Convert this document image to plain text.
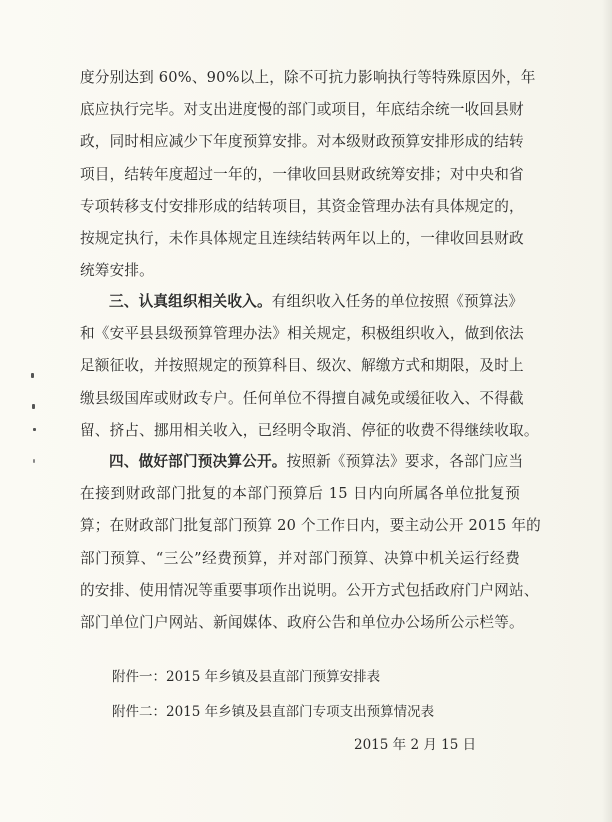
度分别达到 60%、90%以上，除不可抗力影响执行等特殊原因外，年
底应执行完毕。对支出进度慢的部门或项目，年底结余统一收回县财
政，同时相应减少下年度预算安排。对本级财政预算安排形成的结转
项目，结转年度超过一年的，一律收回县财政统筹安排；对中央和省
专项转移支付安排形成的结转项目，其资金管理办法有具体规定的，
按规定执行，未作具体规定且连续结转两年以上的，一律收回县财政
统筹安排。
三、认真组织相关收入。有组织收入任务的单位按照《预算法》
和《安平县县级预算管理办法》相关规定，积极组织收入，做到依法
足额征收，并按照规定的预算科目、级次、解缴方式和期限，及时上
缴县级国库或财政专户。任何单位不得擅自减免或缓征收入、不得截
留、挤占、挪用相关收入，已经明令取消、停征的收费不得继续收取。
四、做好部门预决算公开。按照新《预算法》要求，各部门应当
在接到财政部门批复的本部门预算后 15 日内向所属各单位批复预
算；在财政部门批复部门预算 20 个工作日内，要主动公开 2015 年的
部门预算、“三公”经费预算，并对部门预算、决算中机关运行经费
的安排、使用情况等重要事项作出说明。公开方式包括政府门户网站、
部门单位门户网站、新闻媒体、政府公告和单位办公场所公示栏等。
附件一：2015 年乡镇及县直部门预算安排表
附件二：2015 年乡镇及县直部门专项支出预算情况表
2015 年 2 月 15 日
